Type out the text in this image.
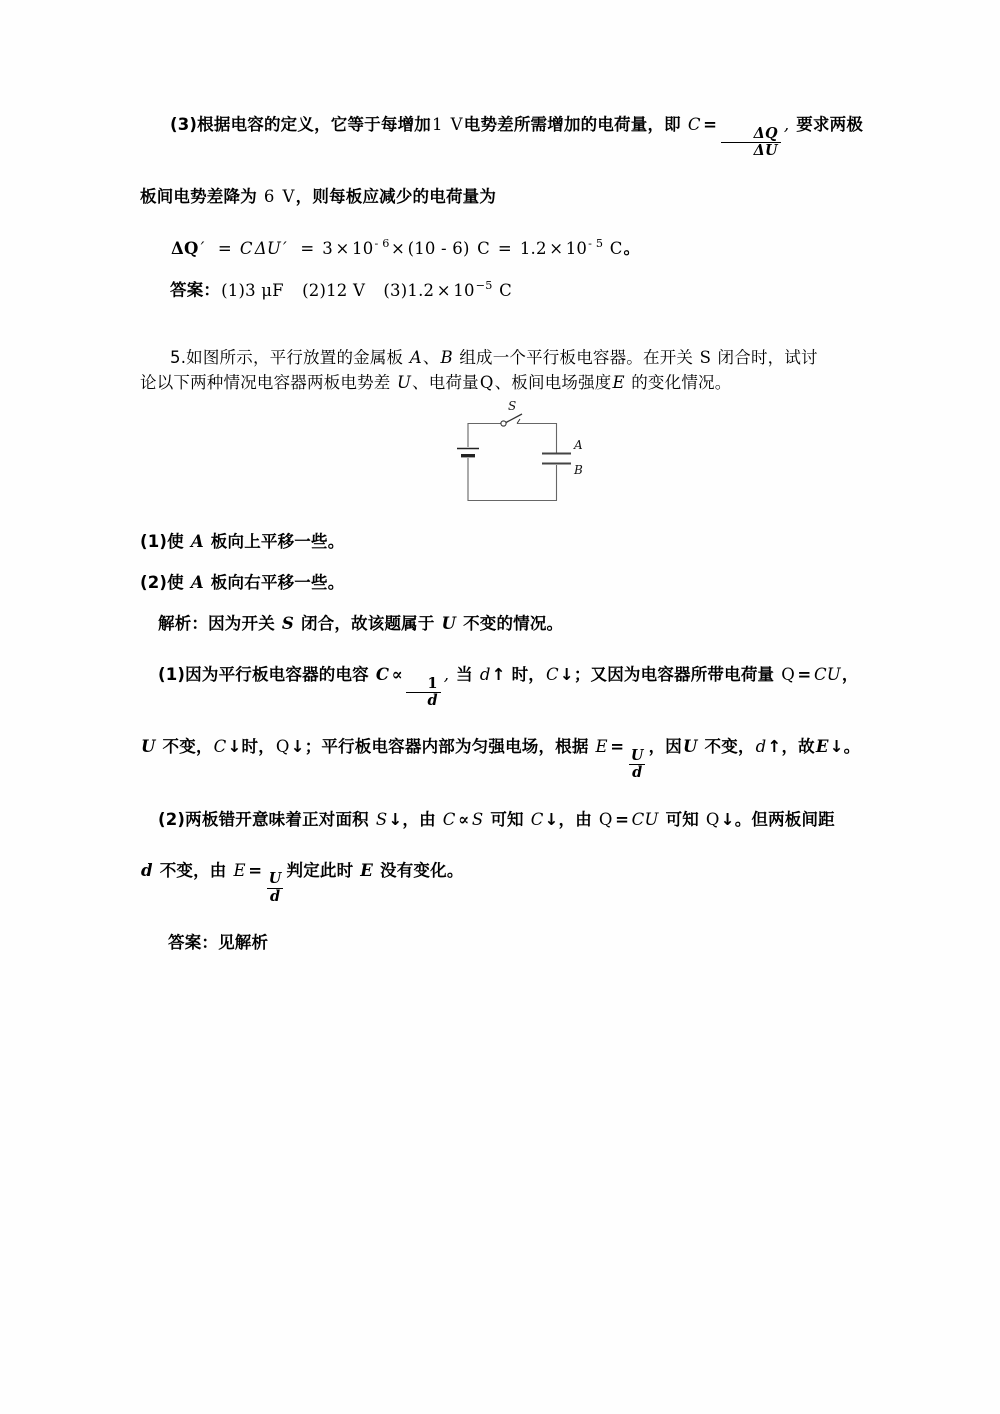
(3)根据电容的定义，它等于每增加1 V电势差所需增加的电荷量，即 C =
$\frac{\Delta Q}{\Delta U}$
, 要求两极

板间电势差降为 6 V，则每板应减少的电荷量为

ΔQ ′ = C ΔU ′ = $3 \times 10^{- 6}\times (10 - 6) C = 1.2 \times 10^{- 5}$ C。

答案：(1)3 μF (2)12 V $(3)1.2 \times 10^{-5}$ C

5.如图所示，平行放置的金属板 A、B 组成一个平行板电容器。在开关 S 闭合时，试讨

论以下两种情况电容器两板电势差 U、电荷量Q、板间电场强度E 的变化情况。

S
A
B

(1)使 A 板向上平移一些。

(2)使 A 板向右平移一些。

解析：因为开关 S 闭合，故该题属于 U 不变的情况。

(1)因为平行板电容器的电容 C ∝
$\frac{1}{d}$
, 当 d↑ 时，C↓；又因为电容器所带电荷量 Q = CU，

U 不变，C↓时，Q↓；平行板电容器内部为匀强电场，根据 E =
$\frac{U}{d}$
，因U 不变，d↑，故E↓。

(2)两板错开意味着正对面积 S↓，由 C ∝ S 可知 C↓，由 Q = CU 可知 Q↓。但两板间距

d 不变，由 E =
$\frac{U}{d}$
判定此时 E 没有变化。

答案：见解析
